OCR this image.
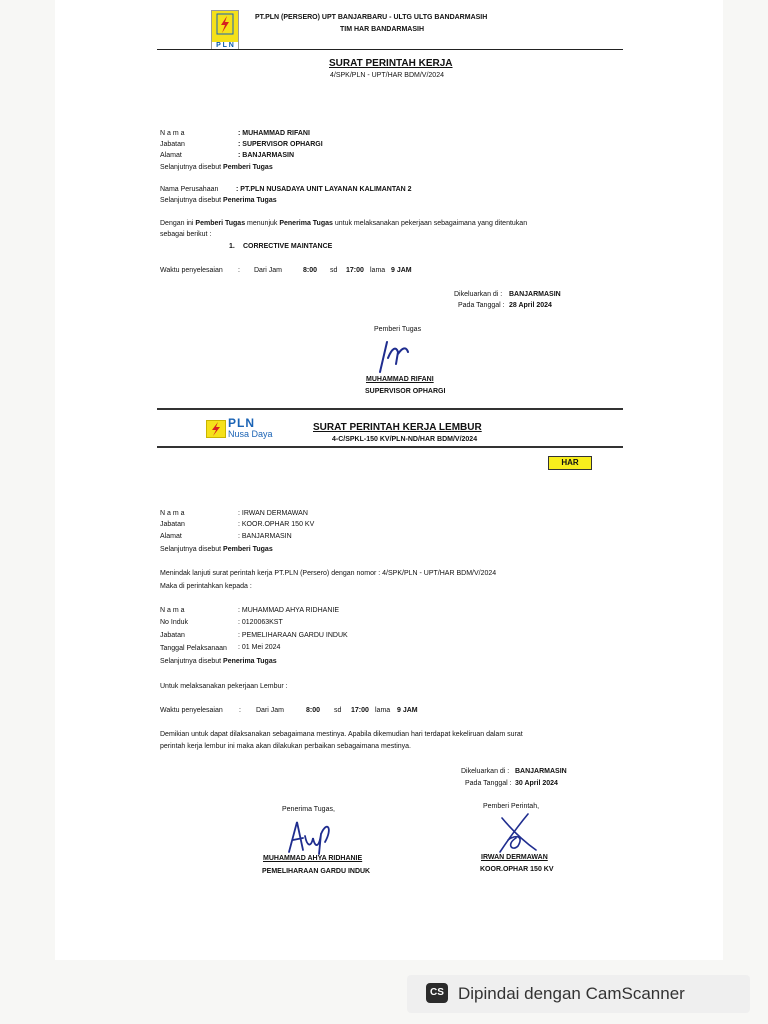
P L N
PT.PLN (PERSERO) UPT BANJARBARU - ULTG ULTG BANDARMASIH
TIM HAR BANDARMASIH
SURAT PERINTAH KERJA
4/SPK/PLN - UPT/HAR BDM/V/2024
N a m a	: MUHAMMAD RIFANI
Jabatan	: SUPERVISOR OPHARGI
Alamat	: BANJARMASIN
Selanjutnya disebut Pemberi Tugas
Nama Perusahaan	: PT.PLN NUSADAYA UNIT LAYANAN KALIMANTAN 2
Selanjutnya disebut Penerima Tugas
Dengan ini Pemberi Tugas menunjuk Penerima Tugas untuk melaksanakan pekerjaan sebagaimana yang ditentukan
sebagai berikut :
1. CORRECTIVE MAINTANCE
Waktu penyelesaian : Dari Jam	8:00 sd 17:00 lama 9 JAM
Dikeluarkan di : BANJARMASIN
Pada Tanggal : 28 April 2024
Pemberi Tugas
MUHAMMAD RIFANI
SUPERVISOR OPHARGI
PLN
Nusa Daya
SURAT PERINTAH KERJA LEMBUR
4-C/SPKL-150 KV/PLN-ND/HAR BDM/V/2024
HAR
N a m a	: IRWAN DERMAWAN
Jabatan	: KOOR.OPHAR 150 KV
Alamat	: BANJARMASIN
Selanjutnya disebut Pemberi Tugas
Menindak lanjuti surat perintah kerja PT.PLN (Persero) dengan nomor : 4/SPK/PLN - UPT/HAR BDM/V/2024
Maka di perintahkan kepada :
N a m a	: MUHAMMAD AHYA RIDHANIE
No Induk	: 0120063KST
Jabatan	: PEMELIHARAAN GARDU INDUK
Tanggal Pelaksanaan : 01 Mei 2024
Selanjutnya disebut Penerima Tugas
Untuk melaksanakan pekerjaan Lembur :
Waktu penyelesaian : Dari Jam	8:00 sd 17:00 lama 9 JAM
Demikian untuk dapat dilaksanakan sebagaimana mestinya. Apabila dikemudian hari terdapat kekeliruan dalam surat
perintah kerja lembur ini maka akan dilakukan perbaikan sebagaimana mestinya.
Dikeluarkan di : BANJARMASIN
Pada Tanggal : 30 April 2024
Penerima Tugas,	Pemberi Perintah,
MUHAMMAD AHYA RIDHANIE
PEMELIHARAAN GARDU INDUK
IRWAN DERMAWAN
KOOR.OPHAR 150 KV
CS Dipindai dengan CamScanner
